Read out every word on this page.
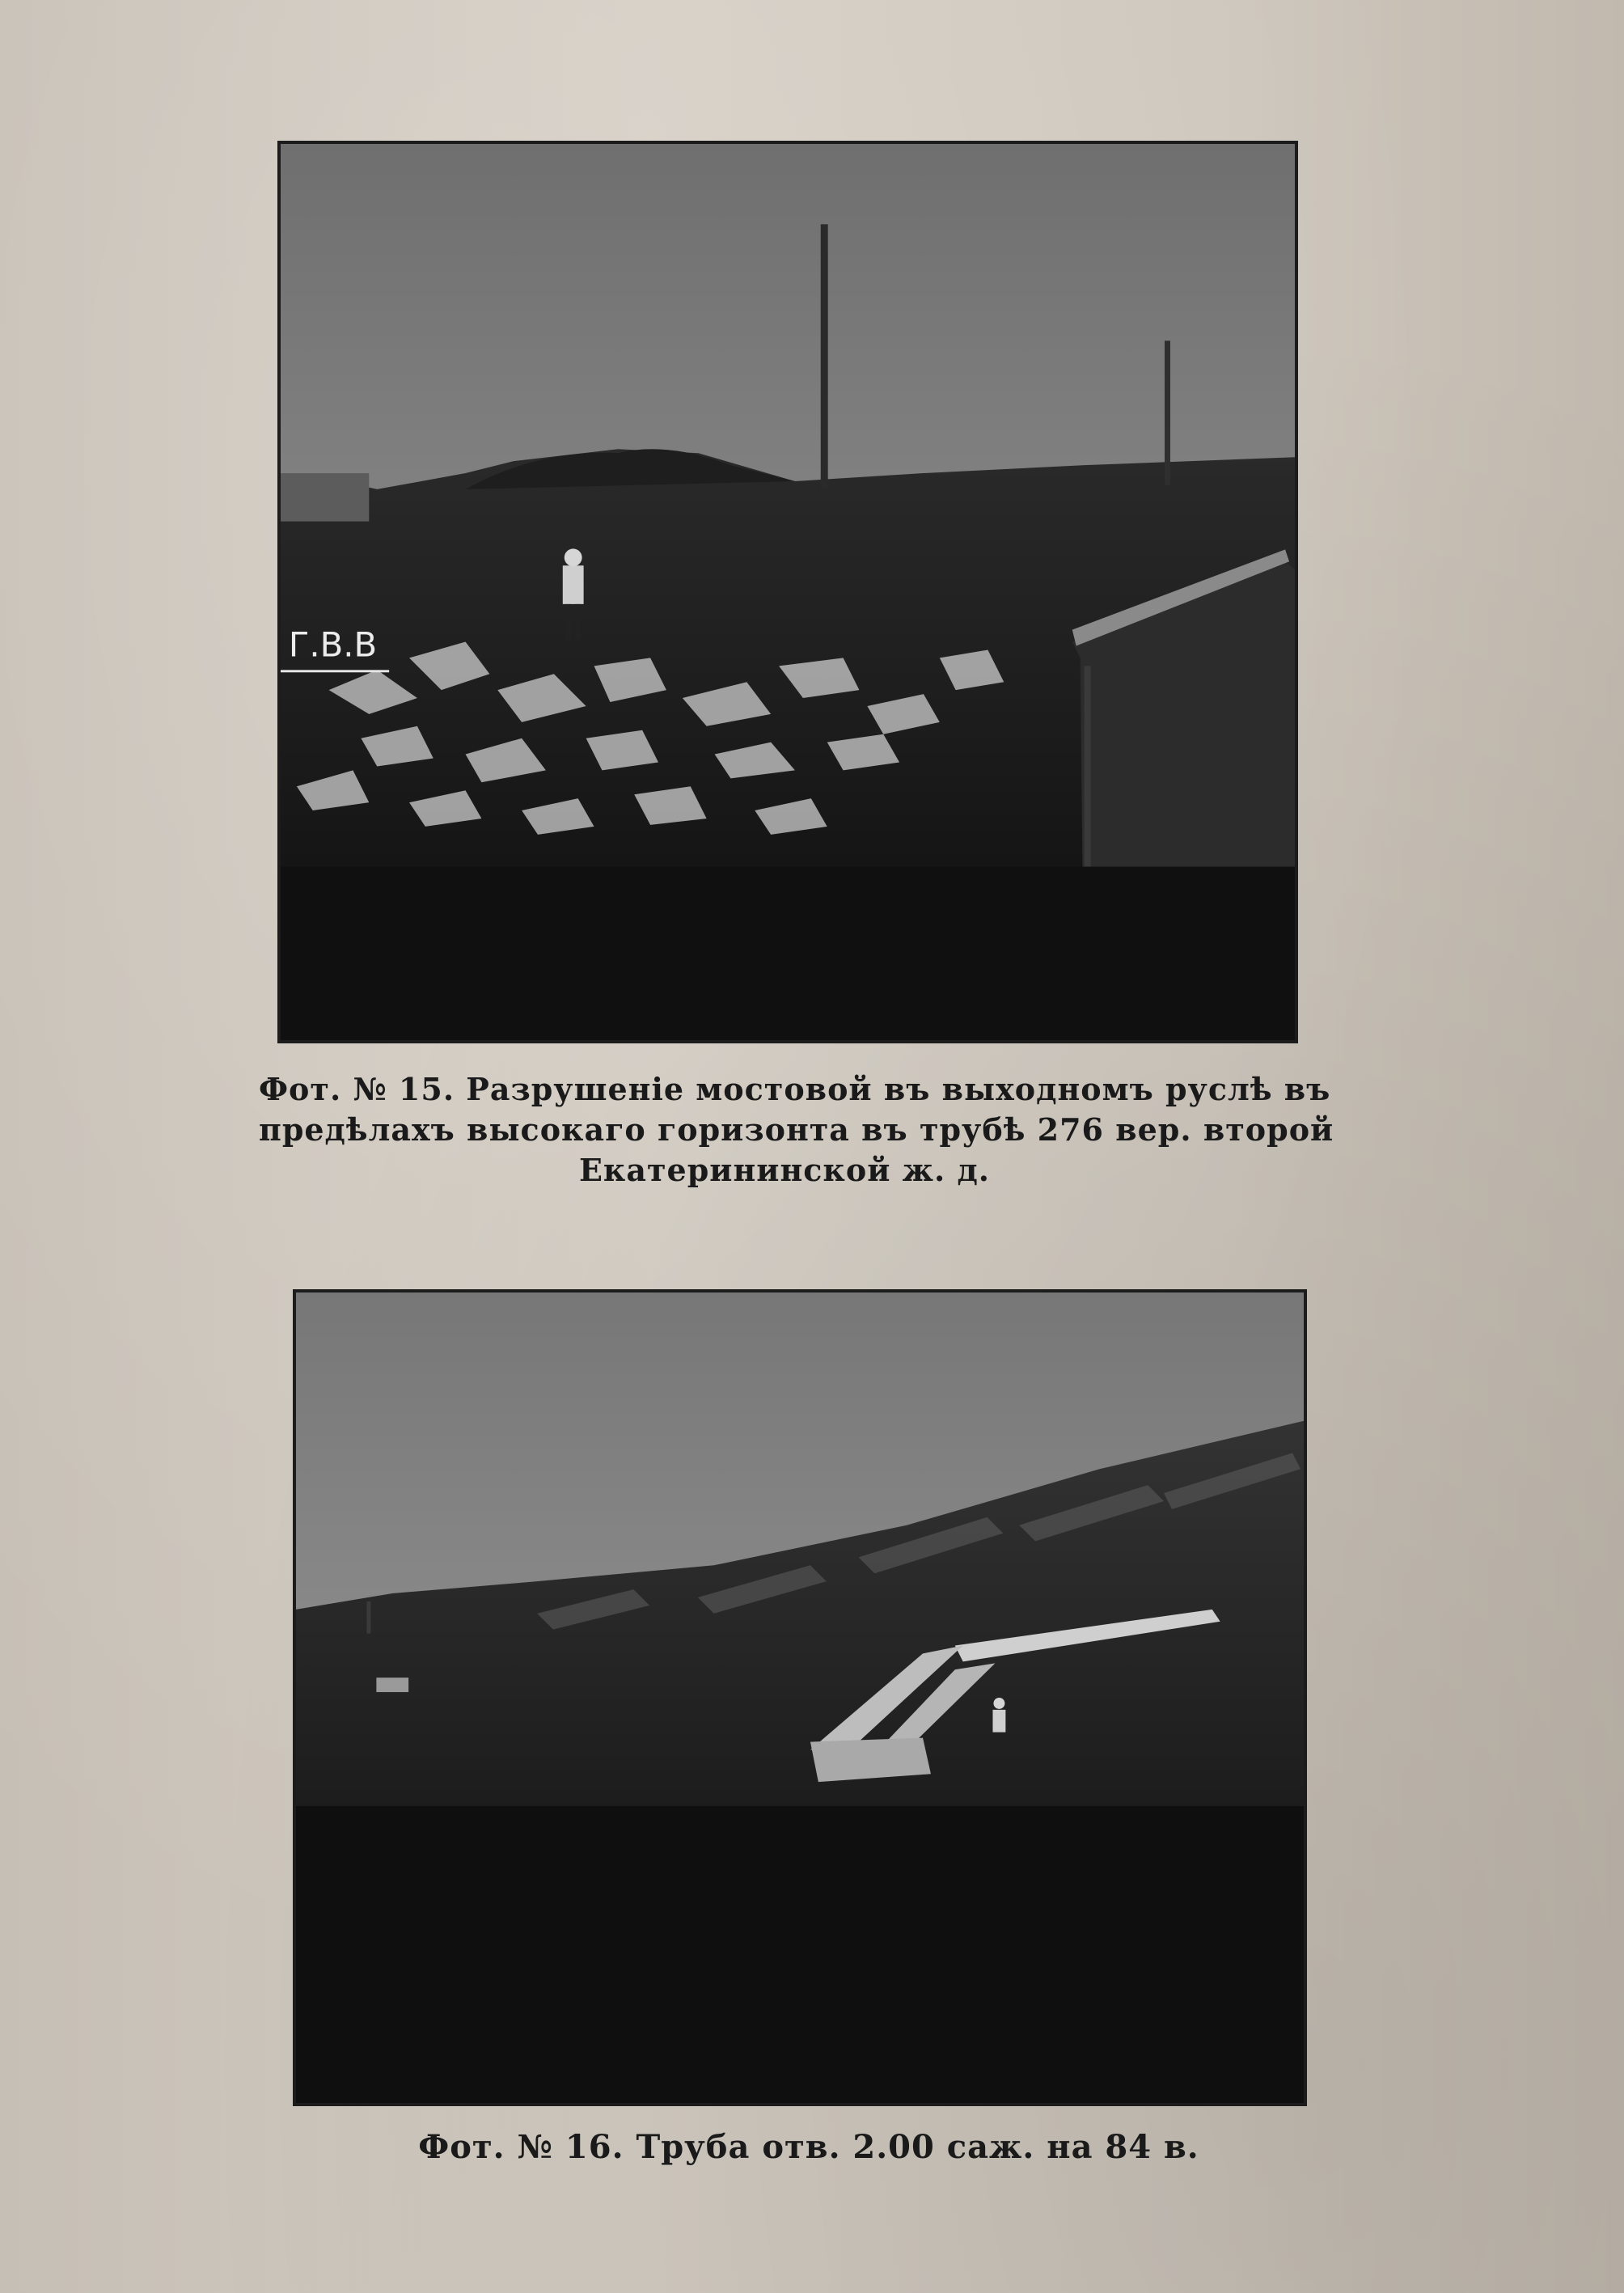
Г.В.В
Фот. № 15. Разрушеніе мостовой въ выходномъ руслѣ въ
предѣлахъ высокаго горизонта въ трубѣ 276 вер. второй
Екатерининской ж. д.
Фот. № 16. Труба отв. 2.00 саж. на 84 в.
